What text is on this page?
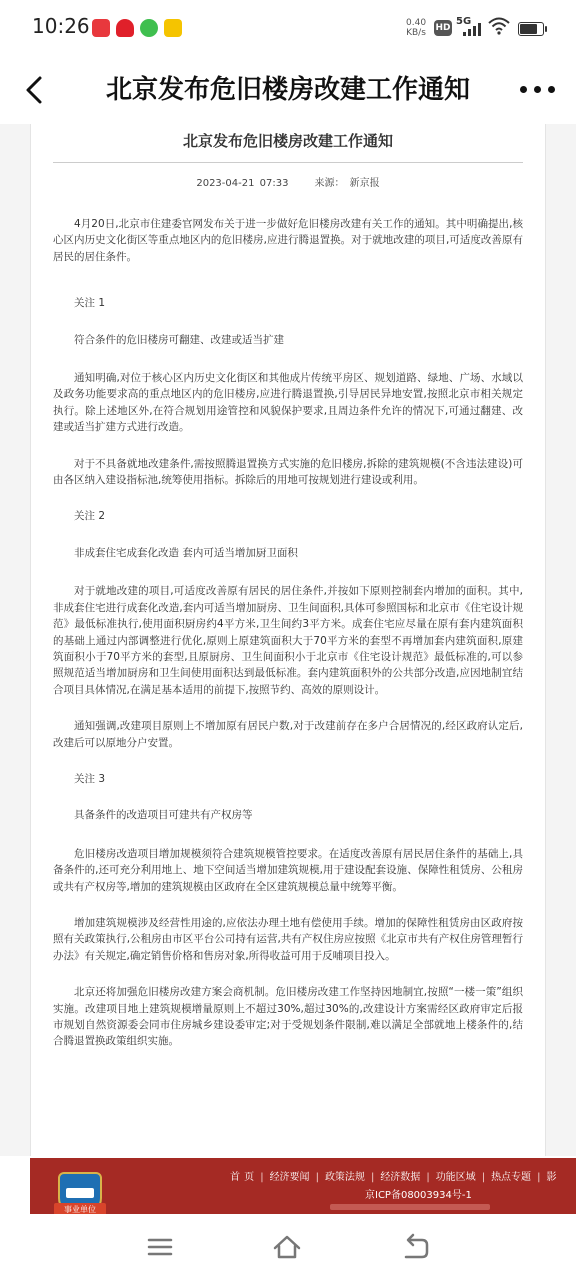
10:26	0.40
KB/s HD
5G
北京发布危旧楼房改建工作通知
北京发布危旧楼房改建工作通知
2023-04-21 07:33	来源： 新京报

4月20日,北京市住建委官网发布关于进一步做好危旧楼房改建有关工作的通知。其中明确提出,核心区内历史文化街区等重点地区内的危旧楼房,应进行腾退置换。对于就地改建的项目,可适度改善原有居民的居住条件。

关注 1

符合条件的危旧楼房可翻建、改建或适当扩建

通知明确,对位于核心区内历史文化街区和其他成片传统平房区、规划道路、绿地、广场、水域以及政务功能要求高的重点地区内的危旧楼房,应进行腾退置换,引导居民异地安置,按照北京市相关规定执行。除上述地区外,在符合规划用途管控和风貌保护要求,且周边条件允许的情况下,可通过翻建、改建或适当扩建方式进行改造。

对于不具备就地改建条件,需按照腾退置换方式实施的危旧楼房,拆除的建筑规模(不含违法建设)可由各区纳入建设指标池,统筹使用指标。拆除后的用地可按规划进行建设或利用。

关注 2

非成套住宅成套化改造 套内可适当增加厨卫面积

对于就地改建的项目,可适度改善原有居民的居住条件,并按如下原则控制套内增加的面积。其中,非成套住宅进行成套化改造,套内可适当增加厨房、卫生间面积,具体可参照国标和北京市《住宅设计规范》最低标准执行,使用面积厨房约4平方米,卫生间约3平方米。成套住宅应尽量在原有套内建筑面积的基础上通过内部调整进行优化,原则上原建筑面积大于70平方米的套型不再增加套内建筑面积,原建筑面积小于70平方米的套型,且原厨房、卫生间面积小于北京市《住宅设计规范》最低标准的,可以参照规范适当增加厨房和卫生间使用面积达到最低标准。套内建筑面积外的公共部分改造,应因地制宜结合项目具体情况,在满足基本适用的前提下,按照节约、高效的原则设计。

通知强调,改建项目原则上不增加原有居民户数,对于改建前存在多户合居情况的,经区政府认定后,改建后可以原地分户安置。

关注 3

具备条件的改造项目可建共有产权房等

危旧楼房改造项目增加规模须符合建筑规模管控要求。在适度改善原有居民居住条件的基础上,具备条件的,还可充分利用地上、地下空间适当增加建筑规模,用于建设配套设施、保障性租赁房、公租房或共有产权房等,增加的建筑规模由区政府在全区建筑规模总量中统筹平衡。

增加建筑规模涉及经营性用途的,应依法办理土地有偿使用手续。增加的保障性租赁房由区政府按照有关政策执行,公租房由市区平台公司持有运营,共有产权住房应按照《北京市共有产权住房管理暂行办法》有关规定,确定销售价格和售房对象,所得收益可用于反哺项目投入。

北京还将加强危旧楼房改建方案会商机制。危旧楼房改建工作坚持因地制宜,按照“一楼一策”组织实施。改建项目地上建筑规模增量原则上不超过30%,超过30%的,改建设计方案需经区政府审定后报市规划自然资源委会同市住房城乡建设委审定;对于受规划条件限制,难以满足全部就地上楼条件的,结合腾退置换政策组织实施。

事业单位
首 页 | 经济要闻 | 政策法规 | 经济数据 | 功能区域 | 热点专题 | 影
京ICP备08003934号-1
